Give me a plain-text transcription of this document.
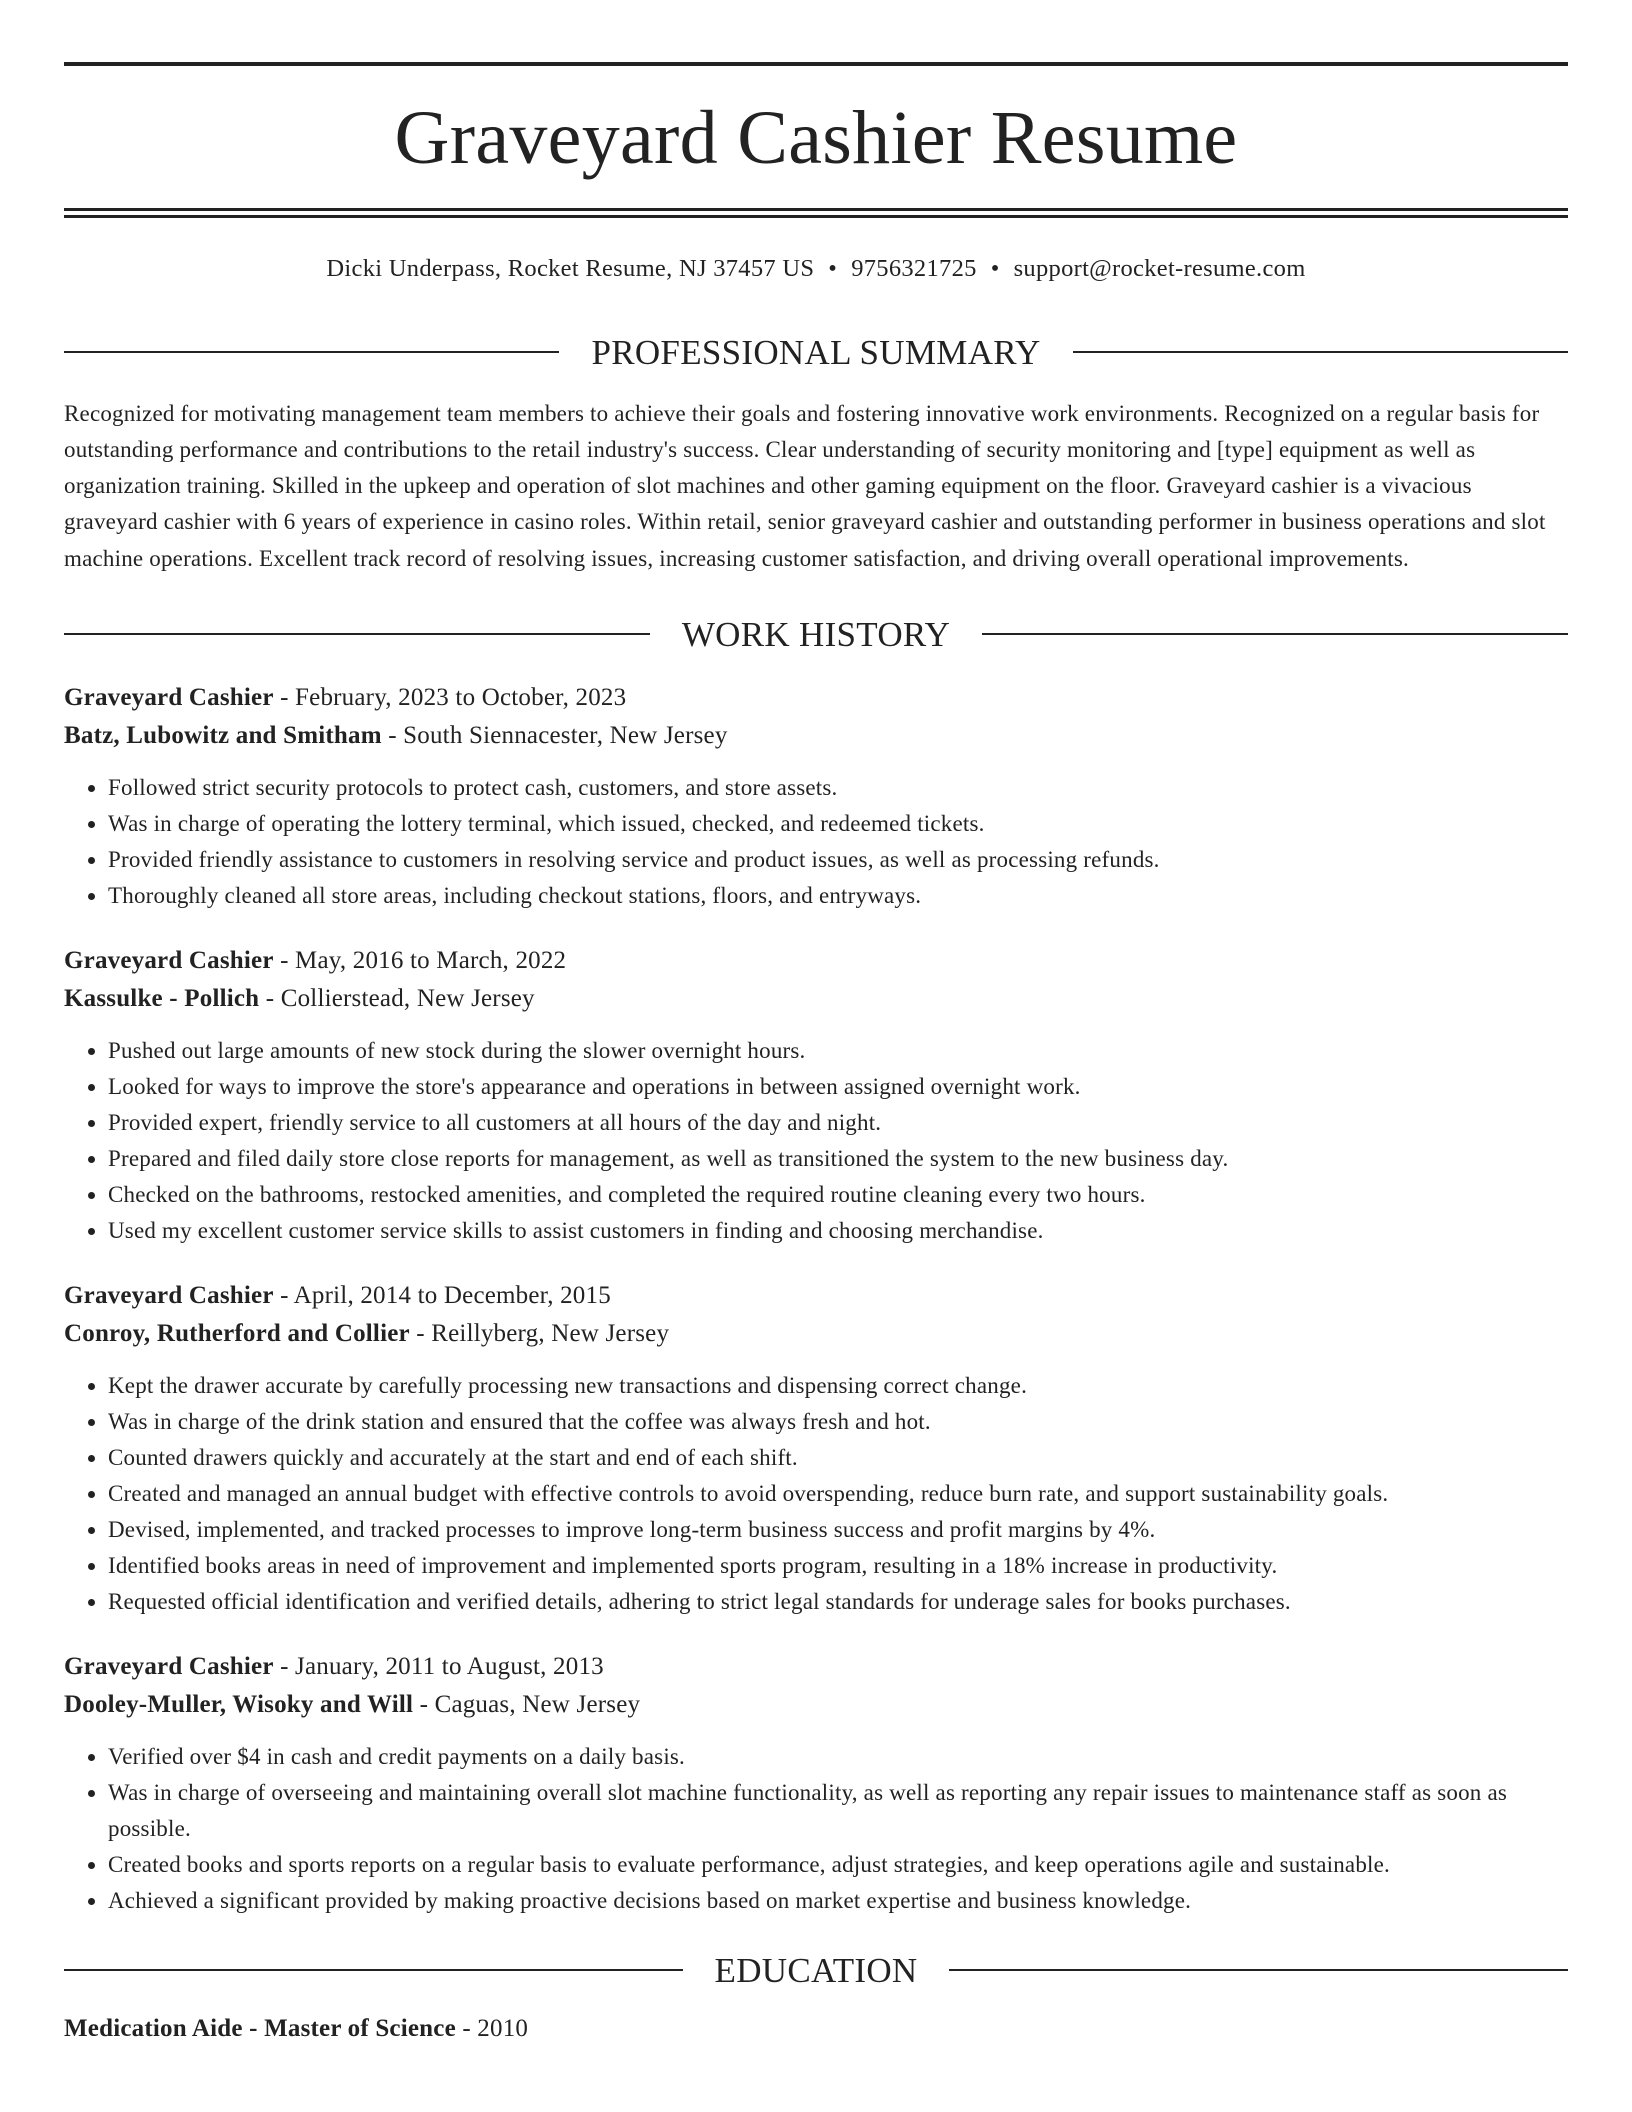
Graveyard Cashier Resume
Dicki Underpass, Rocket Resume, NJ 37457 US • 9756321725 • support@rocket-resume.com
PROFESSIONAL SUMMARY
Recognized for motivating management team members to achieve their goals and fostering innovative work environments. Recognized on a regular basis for outstanding performance and contributions to the retail industry's success. Clear understanding of security monitoring and [type] equipment as well as organization training. Skilled in the upkeep and operation of slot machines and other gaming equipment on the floor. Graveyard cashier is a vivacious graveyard cashier with 6 years of experience in casino roles. Within retail, senior graveyard cashier and outstanding performer in business operations and slot machine operations. Excellent track record of resolving issues, increasing customer satisfaction, and driving overall operational improvements.
WORK HISTORY
Graveyard Cashier - February, 2023 to October, 2023
Batz, Lubowitz and Smitham - South Siennacester, New Jersey
• Followed strict security protocols to protect cash, customers, and store assets.
• Was in charge of operating the lottery terminal, which issued, checked, and redeemed tickets.
• Provided friendly assistance to customers in resolving service and product issues, as well as processing refunds.
• Thoroughly cleaned all store areas, including checkout stations, floors, and entryways.
Graveyard Cashier - May, 2016 to March, 2022
Kassulke - Pollich - Collierstead, New Jersey
• Pushed out large amounts of new stock during the slower overnight hours.
• Looked for ways to improve the store's appearance and operations in between assigned overnight work.
• Provided expert, friendly service to all customers at all hours of the day and night.
• Prepared and filed daily store close reports for management, as well as transitioned the system to the new business day.
• Checked on the bathrooms, restocked amenities, and completed the required routine cleaning every two hours.
• Used my excellent customer service skills to assist customers in finding and choosing merchandise.
Graveyard Cashier - April, 2014 to December, 2015
Conroy, Rutherford and Collier - Reillyberg, New Jersey
• Kept the drawer accurate by carefully processing new transactions and dispensing correct change.
• Was in charge of the drink station and ensured that the coffee was always fresh and hot.
• Counted drawers quickly and accurately at the start and end of each shift.
• Created and managed an annual budget with effective controls to avoid overspending, reduce burn rate, and support sustainability goals.
• Devised, implemented, and tracked processes to improve long-term business success and profit margins by 4%.
• Identified books areas in need of improvement and implemented sports program, resulting in a 18% increase in productivity.
• Requested official identification and verified details, adhering to strict legal standards for underage sales for books purchases.
Graveyard Cashier - January, 2011 to August, 2013
Dooley-Muller, Wisoky and Will - Caguas, New Jersey
• Verified over $4 in cash and credit payments on a daily basis.
• Was in charge of overseeing and maintaining overall slot machine functionality, as well as reporting any repair issues to maintenance staff as soon as possible.
• Created books and sports reports on a regular basis to evaluate performance, adjust strategies, and keep operations agile and sustainable.
• Achieved a significant provided by making proactive decisions based on market expertise and business knowledge.
EDUCATION
Medication Aide - Master of Science - 2010
